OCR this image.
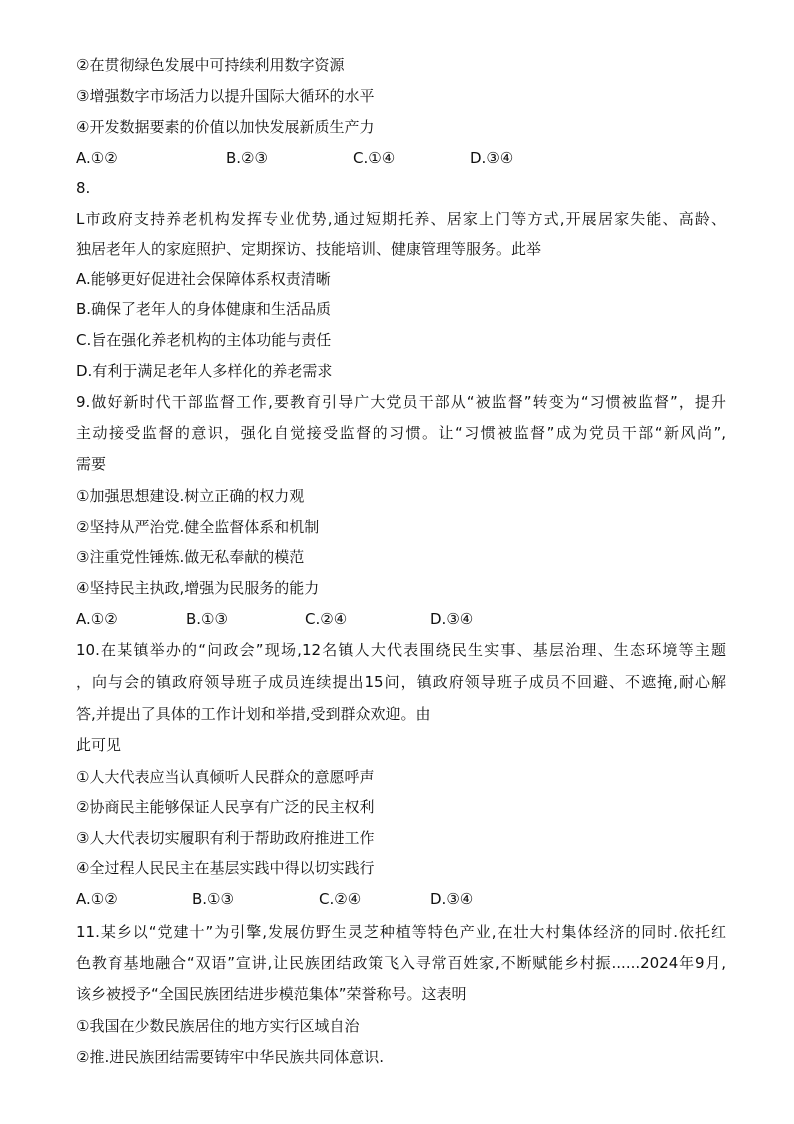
②在贯彻绿色发展中可持续利用数字资源
③增强数字市场活力以提升国际大循环的水平
④开发数据要素的价值以加快发展新质生产力
A.①②	B.②③	C.①④	D.③④
8.
L市政府支持养老机构发挥专业优势,通过短期托养、居家上门等方式,开展居家失能、高龄、
独居老年人的家庭照护、定期探访、技能培训、健康管理等服务。此举
A.能够更好促进社会保障体系权责清晰
B.确保了老年人的身体健康和生活品质
C.旨在强化养老机构的主体功能与责任
D.有利于满足老年人多样化的养老需求
9.做好新时代干部监督工作,要教育引导广大党员干部从“被监督”转变为“习惯被监督”，提升
主动接受监督的意识，强化自觉接受监督的习惯。让“习惯被监督”成为党员干部“新风尚”,
需要
①加强思想建设.树立正确的权力观
②坚持从严治党.健全监督体系和机制
③注重党性锤炼.做无私奉献的模范
④坚持民主执政,增强为民服务的能力
A.①②	B.①③	C.②④	D.③④
10.在某镇举办的“问政会”现场,12名镇人大代表围绕民生实事、基层治理、生态环境等主题
，向与会的镇政府领导班子成员连续提出15问，镇政府领导班子成员不回避、不遮掩,耐心解
答,并提出了具体的工作计划和举措,受到群众欢迎。由
此可见
①人大代表应当认真倾听人民群众的意愿呼声
②协商民主能够保证人民享有广泛的民主权利
③人大代表切实履职有利于帮助政府推进工作
④全过程人民民主在基层实践中得以切实践行
A.①②	B.①③	C.②④	D.③④
11.某乡以“党建十”为引擎,发展仿野生灵芝种植等特色产业,在壮大村集体经济的同时.依托红
色教育基地融合“双语”宣讲,让民族团结政策飞入寻常百姓家,不断赋能乡村振......2024年9月,
该乡被授予“全国民族团结进步模范集体”荣誉称号。这表明
①我国在少数民族居住的地方实行区域自治
②推.进民族团结需要铸牢中华民族共同体意识.
